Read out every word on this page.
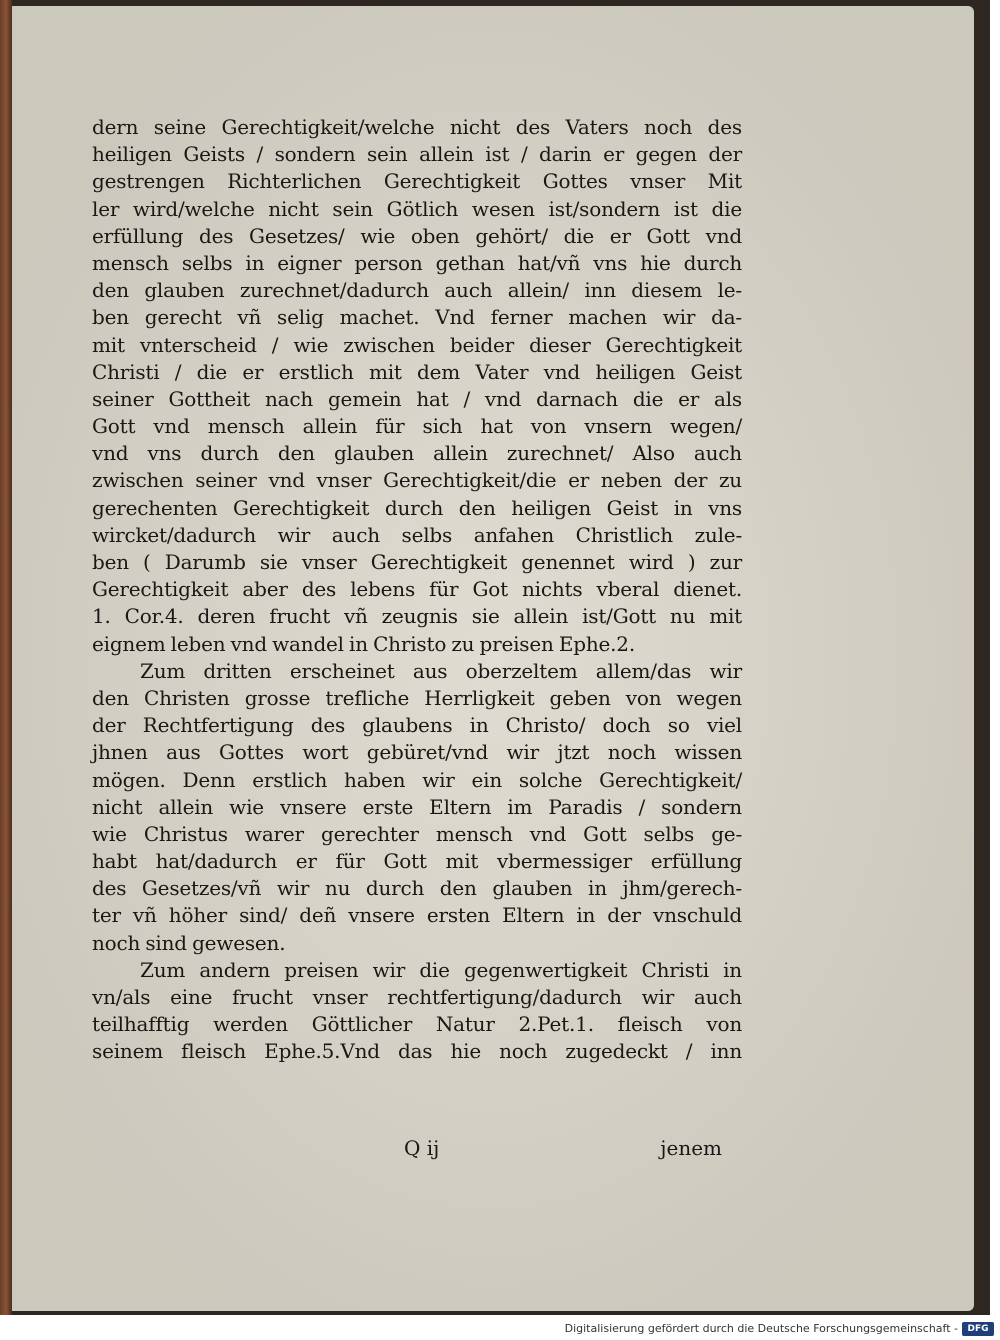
dern seine Gerechtigkeit/welche nicht des Vaters noch des
heiligen Geists / sondern sein allein ist / darin er gegen der
gestrengen Richterlichen Gerechtigkeit Gottes vnser Mit
ler wird/welche nicht sein Götlich wesen ist/sondern ist die
erfüllung des Gesetzes/ wie oben gehört/ die er Gott vnd
mensch selbs in eigner person gethan hat/vñ vns hie durch
den glauben zurechnet/dadurch auch allein/ inn diesem le-
ben gerecht vñ selig machet. Vnd ferner machen wir da-
mit vnterscheid / wie zwischen beider dieser Gerechtigkeit
Christi / die er erstlich mit dem Vater vnd heiligen Geist
seiner Gottheit nach gemein hat / vnd darnach die er als
Gott vnd mensch allein für sich hat von vnsern wegen/
vnd vns durch den glauben allein zurechnet/ Also auch
zwischen seiner vnd vnser Gerechtigkeit/die er neben der zu
gerechenten Gerechtigkeit durch den heiligen Geist in vns
wircket/dadurch wir auch selbs anfahen Christlich zule-
ben ( Darumb sie vnser Gerechtigkeit genennet wird ) zur
Gerechtigkeit aber des lebens für Got nichts vberal dienet.
1. Cor.4. deren frucht vñ zeugnis sie allein ist/Gott nu mit
eignem leben vnd wandel in Christo zu preisen Ephe.2.
Zum dritten erscheinet aus oberzeltem allem/das wir
den Christen grosse trefliche Herrligkeit geben von wegen
der Rechtfertigung des glaubens in Christo/ doch so viel
jhnen aus Gottes wort gebüret/vnd wir jtzt noch wissen
mögen. Denn erstlich haben wir ein solche Gerechtigkeit/
nicht allein wie vnsere erste Eltern im Paradis / sondern
wie Christus warer gerechter mensch vnd Gott selbs ge-
habt hat/dadurch er für Gott mit vbermessiger erfüllung
des Gesetzes/vñ wir nu durch den glauben in jhm/gerech-
ter vñ höher sind/ deñ vnsere ersten Eltern in der vnschuld
noch sind gewesen.
Zum andern preisen wir die gegenwertigkeit Christi in
vn/als eine frucht vnser rechtfertigung/dadurch wir auch
teilhafftig werden Göttlicher Natur 2.Pet.1. fleisch von
seinem fleisch Ephe.5.Vnd das hie noch zugedeckt / inn
Q ij	jenem
Digitalisierung gefördert durch die Deutsche Forschungsgemeinschaft -	DFG
